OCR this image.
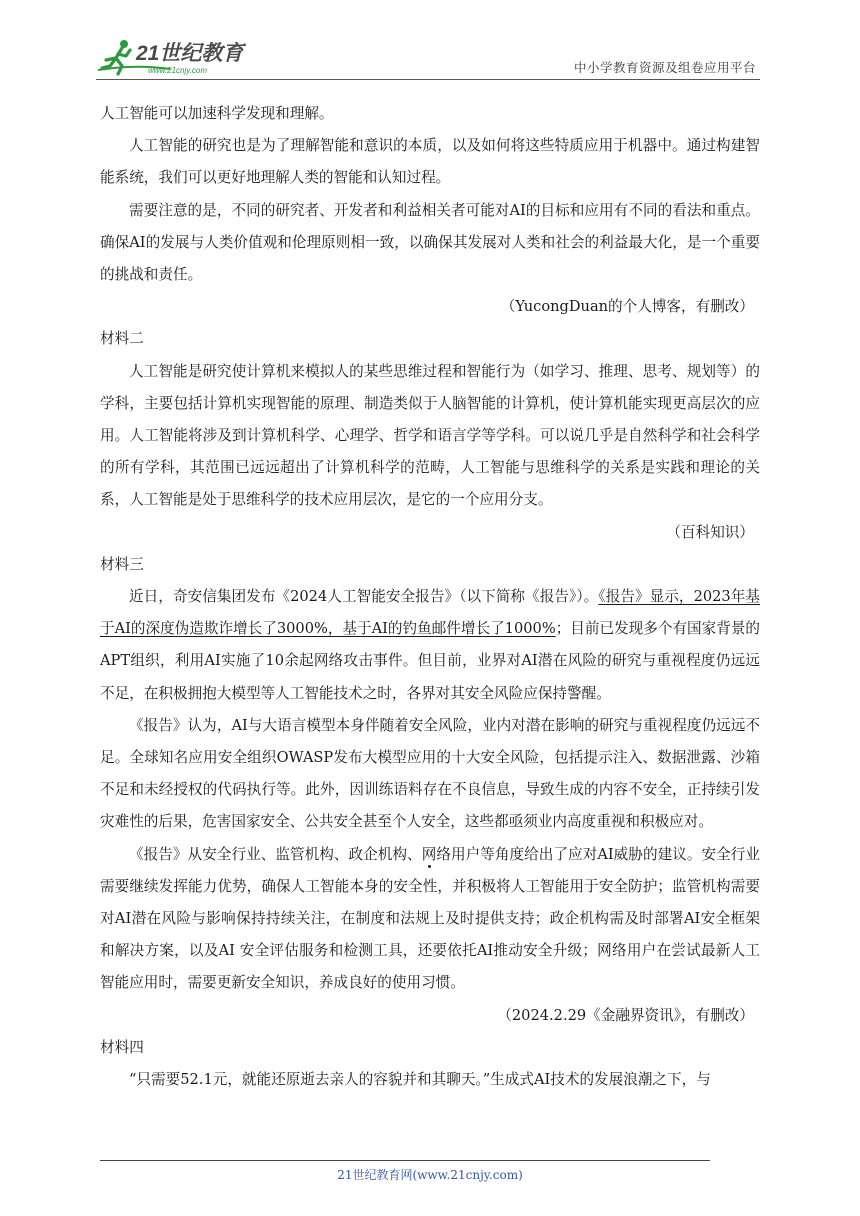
21世纪教育
www.21cnjy.com	中小学教育资源及组卷应用平台

人工智能可以加速科学发现和理解。

人工智能的研究也是为了理解智能和意识的本质，以及如何将这些特质应用于机器中。通过构建智能系统，我们可以更好地理解人类的智能和认知过程。

需要注意的是，不同的研究者、开发者和利益相关者可能对AI的目标和应用有不同的看法和重点。确保AI的发展与人类价值观和伦理原则相一致，以确保其发展对人类和社会的利益最大化，是一个重要的挑战和责任。

（YucongDuan的个人博客，有删改）

材料二

人工智能是研究使计算机来模拟人的某些思维过程和智能行为（如学习、推理、思考、规划等）的学科，主要包括计算机实现智能的原理、制造类似于人脑智能的计算机，使计算机能实现更高层次的应用。人工智能将涉及到计算机科学、心理学、哲学和语言学等学科。可以说几乎是自然科学和社会科学的所有学科，其范围已远远超出了计算机科学的范畴，人工智能与思维科学的关系是实践和理论的关系，人工智能是处于思维科学的技术应用层次，是它的一个应用分支。

（百科知识）

材料三

近日，奇安信集团发布《2024人工智能安全报告》（以下简称《报告》）。《报告》显示，2023年基于AI的深度伪造欺诈增长了3000%，基于AI的钓鱼邮件增长了1000%；目前已发现多个有国家背景的APT组织，利用AI实施了10余起网络攻击事件。但目前，业界对AI潜在风险的研究与重视程度仍远远不足，在积极拥抱大模型等人工智能技术之时，各界对其安全风险应保持警醒。

《报告》认为，AI与大语言模型本身伴随着安全风险，业内对潜在影响的研究与重视程度仍远远不足。全球知名应用安全组织OWASP发布大模型应用的十大安全风险，包括提示注入、数据泄露、沙箱不足和未经授权的代码执行等。此外，因训练语料存在不良信息，导致生成的内容不安全，正持续引发灾难性的后果，危害国家安全、公共安全甚至个人安全，这些都亟须业内高度重视和积极应对。

《报告》从安全行业、监管机构、政企机构、网络用户等角度给出了应对AI威胁的建议。安全行业需要继续发挥能力优势，确保人工智能本身的安全性，并积极将人工智能用于安全防护；监管机构需要对AI潜在风险与影响保持持续关注，在制度和法规上及时提供支持；政企机构需及时部署AI安全框架和解决方案，以及AI 安全评估服务和检测工具，还要依托AI推动安全升级；网络用户在尝试最新人工智能应用时，需要更新安全知识，养成良好的使用习惯。

（2024.2.29《金融界资讯》，有删改）

材料四

“只需要52.1元，就能还原逝去亲人的容貌并和其聊天。”生成式AI技术的发展浪潮之下，与

21世纪教育网(www.21cnjy.com)
